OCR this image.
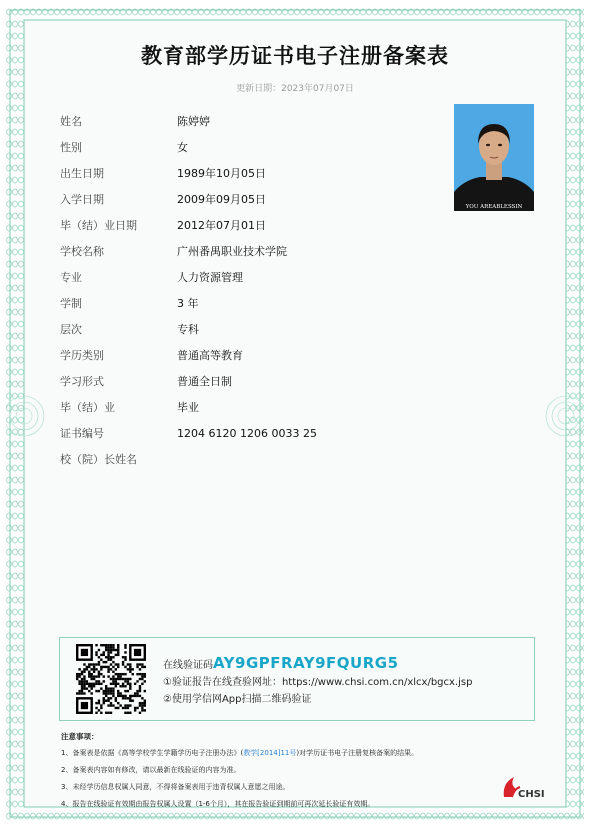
教育部学历证书电子注册备案表
更新日期：2023年07月07日
姓名	陈婷婷
性别	女
出生日期	1989年10月05日
入学日期	2009年09月05日
毕（结）业日期	2012年07月01日
学校名称	广州番禺职业技术学院
专业	人力资源管理
学制	3 年
层次	专科
学历类别	普通高等教育
学习形式	普通全日制
毕（结）业	毕业
证书编号	1204 6120 1206 0033 25
校（院）长姓名
YOU AREABLESSIN
在线验证码AY9GPFRAY9FQURG5
①验证报告在线查验网址：https://www.chsi.com.cn/xlcx/bgcx.jsp
②使用学信网App扫描二维码验证
注意事项：
1、备案表是依据《高等学校学生学籍学历电子注册办法》(教学[2014]11号)对学历证书电子注册复核备案的结果。
2、备案表内容如有修改，请以最新在线验证的内容为准。
3、未经学历信息权属人同意，不得将备案表用于违背权属人意愿之用途。
4、报告在线验证有效期由报告权属人设置（1-6个月），其在报告验证到期前可再次延长验证有效期。
CHSI
